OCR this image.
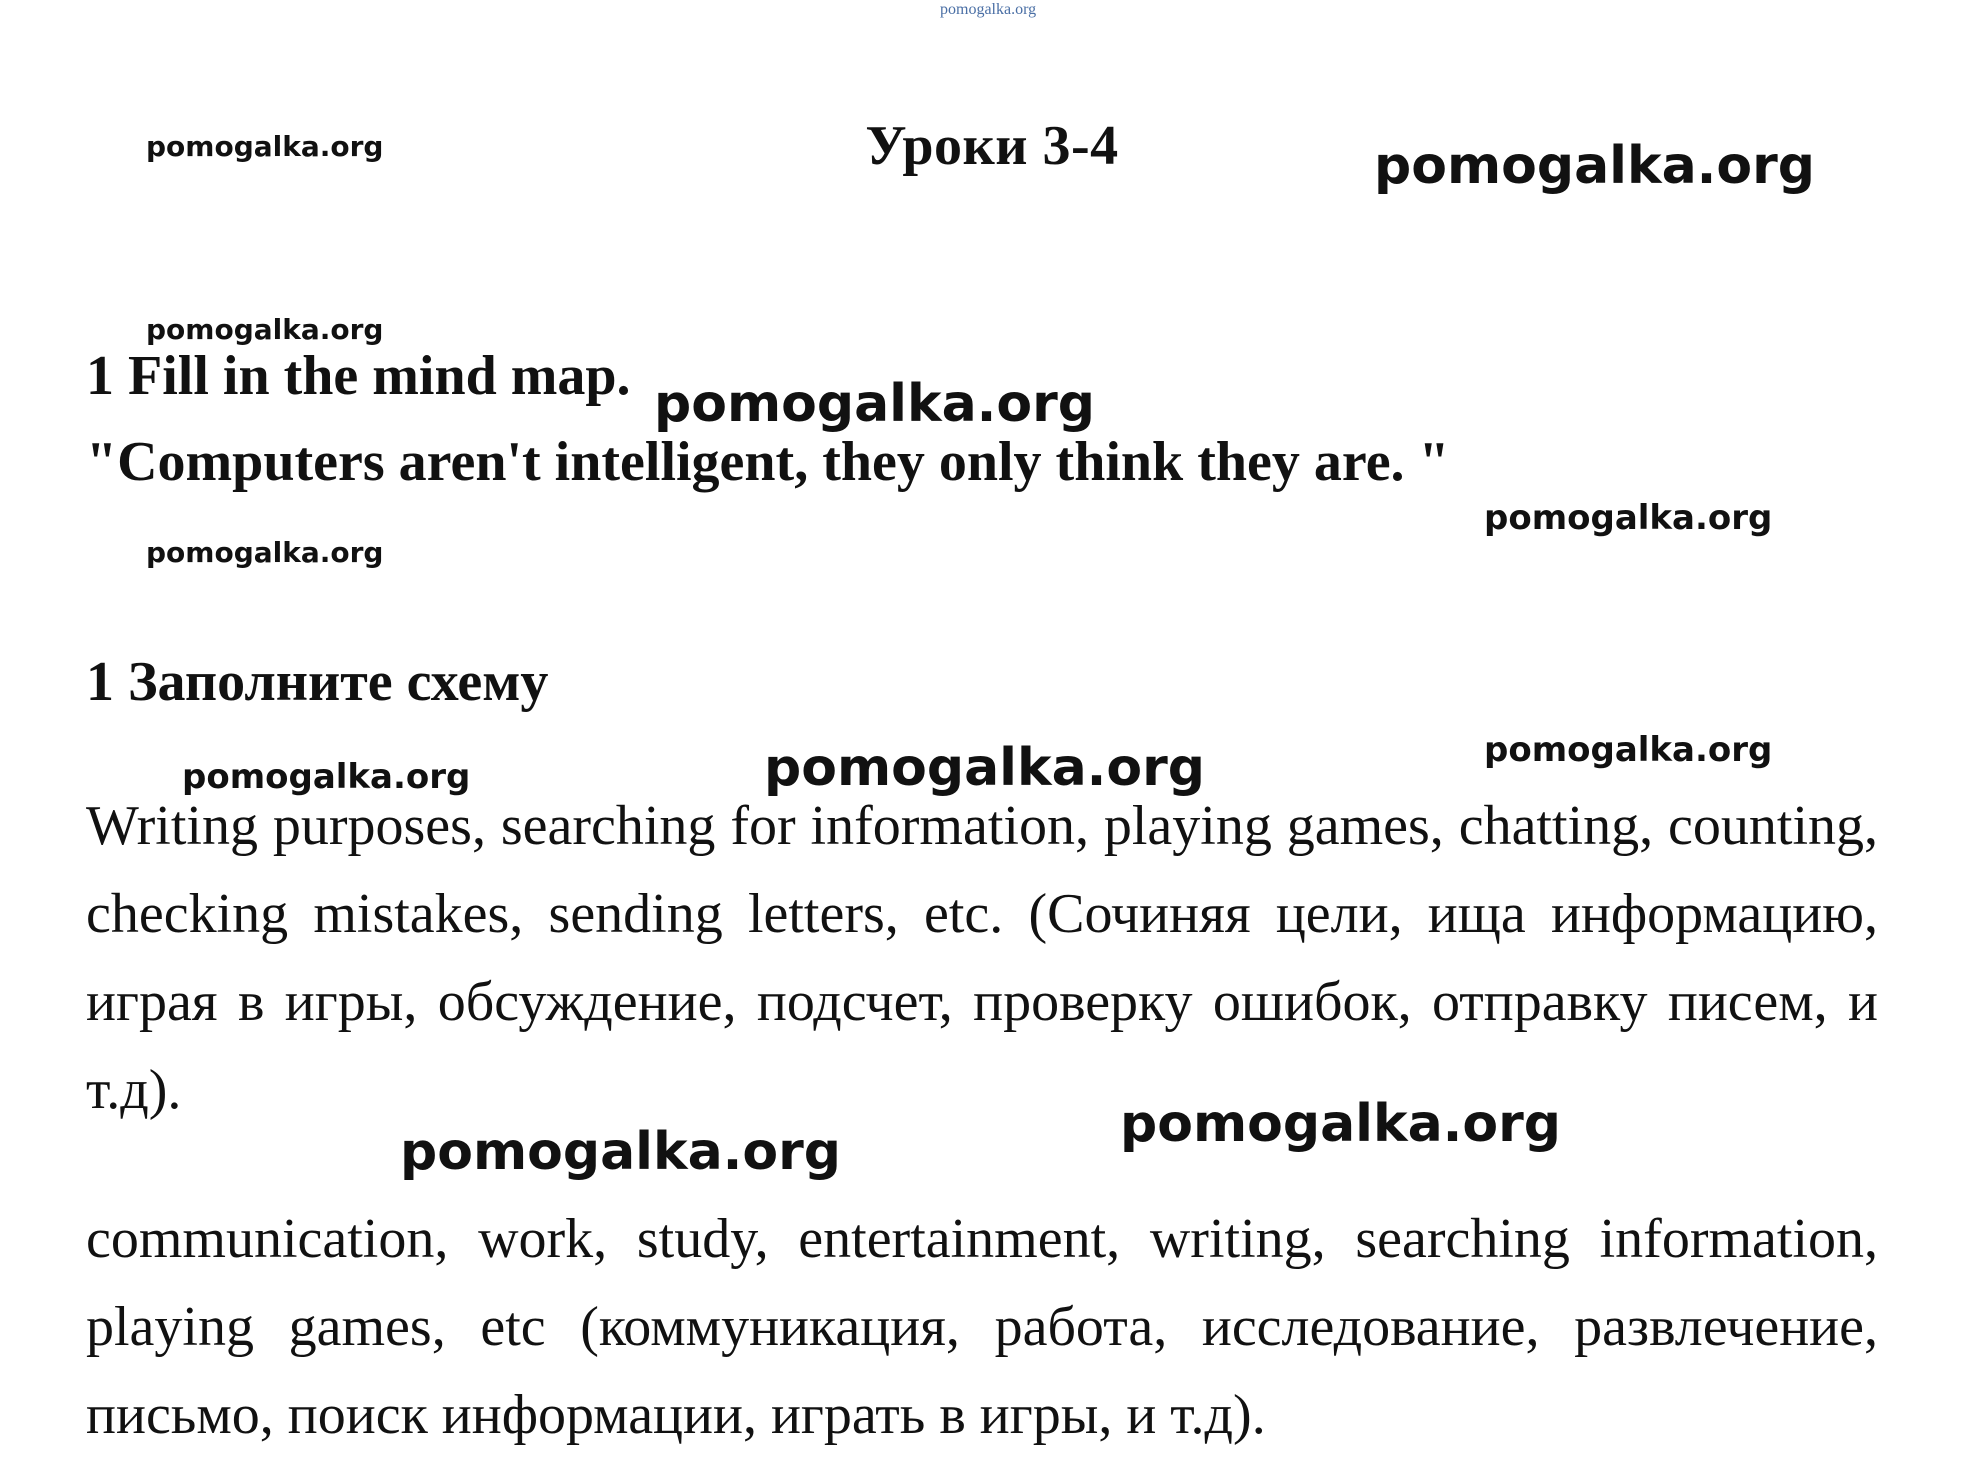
pomogalka.org
pomogalka.org	Уроки 3-4	pomogalka.org
pomogalka.org
1 Fill in the mind map. pomogalka.org
"Computers aren't intelligent, they only think they are. "
pomogalka.org
pomogalka.org
1 Заполните схему
pomogalka.org	pomogalka.org	pomogalka.org

Writing purposes, searching for information, playing games, chatting, counting, checking mistakes, sending letters, etc. (Сочиняя цели, ища информацию, играя в игры, обсуждение, подсчет, проверку ошибок, отправку писем, и т.д).

pomogalka.org	pomogalka.org

communication, work, study, entertainment, writing, searching information, playing games, etc (коммуникация, работа, исследование, развлечение, письмо, поиск информации, играть в игры, и т.д).
